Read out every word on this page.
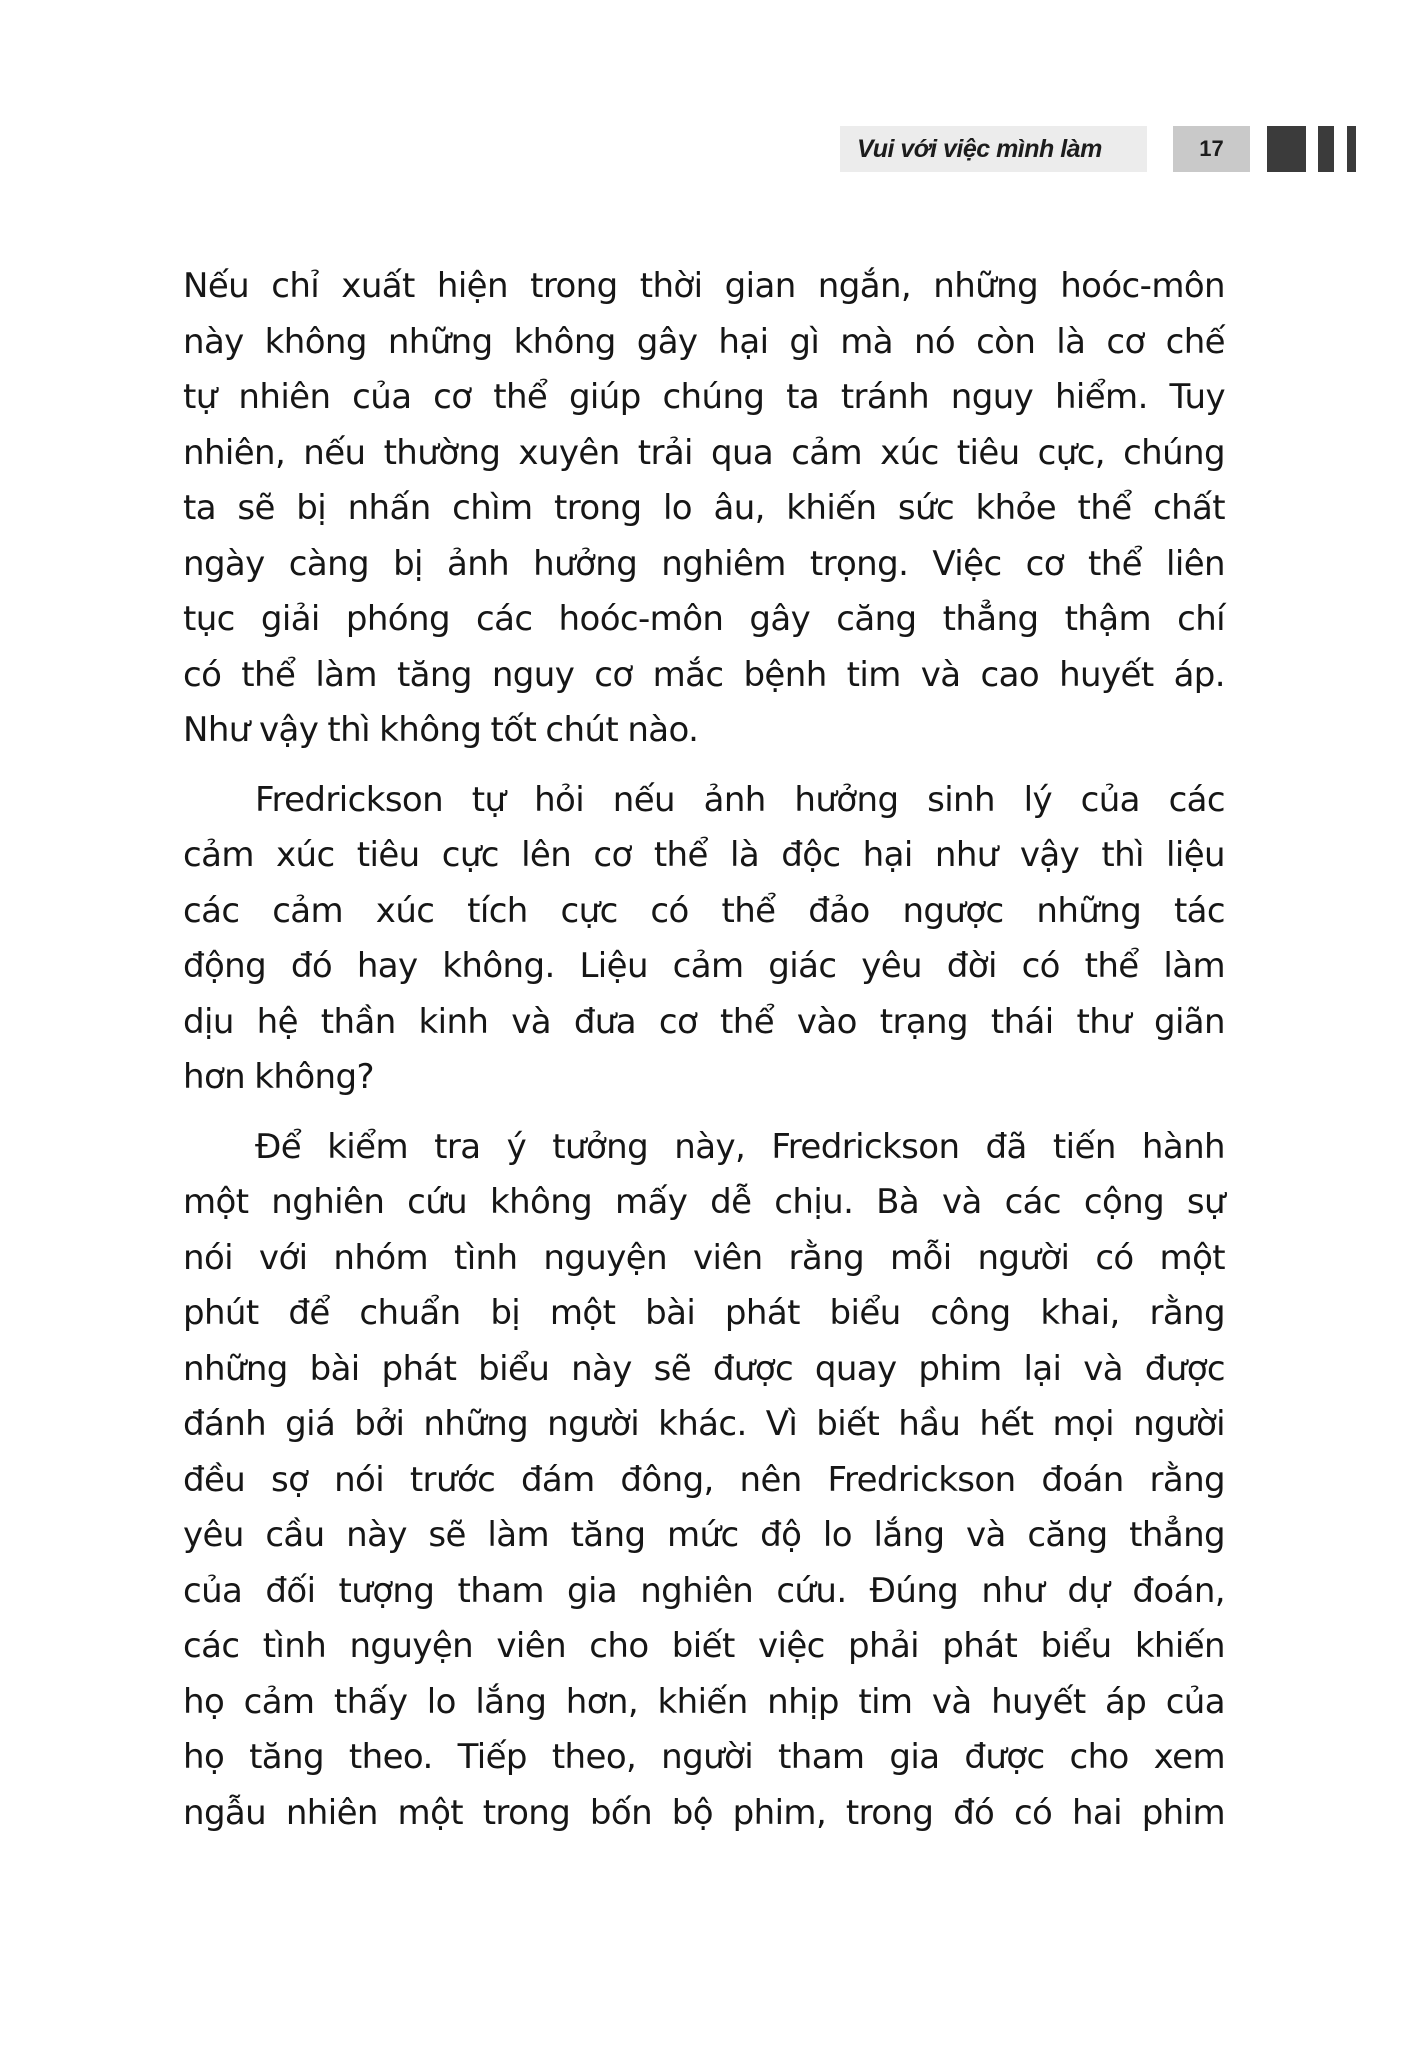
Vui với việc mình làm	17
Nếu chỉ xuất hiện trong thời gian ngắn, những hoóc-môn
này không những không gây hại gì mà nó còn là cơ chế
tự nhiên của cơ thể giúp chúng ta tránh nguy hiểm. Tuy
nhiên, nếu thường xuyên trải qua cảm xúc tiêu cực, chúng
ta sẽ bị nhấn chìm trong lo âu, khiến sức khỏe thể chất
ngày càng bị ảnh hưởng nghiêm trọng. Việc cơ thể liên
tục giải phóng các hoóc-môn gây căng thẳng thậm chí
có thể làm tăng nguy cơ mắc bệnh tim và cao huyết áp.
Như vậy thì không tốt chút nào.
Fredrickson tự hỏi nếu ảnh hưởng sinh lý của các
cảm xúc tiêu cực lên cơ thể là độc hại như vậy thì liệu
các cảm xúc tích cực có thể đảo ngược những tác
động đó hay không. Liệu cảm giác yêu đời có thể làm
dịu hệ thần kinh và đưa cơ thể vào trạng thái thư giãn
hơn không?
Để kiểm tra ý tưởng này, Fredrickson đã tiến hành
một nghiên cứu không mấy dễ chịu. Bà và các cộng sự
nói với nhóm tình nguyện viên rằng mỗi người có một
phút để chuẩn bị một bài phát biểu công khai, rằng
những bài phát biểu này sẽ được quay phim lại và được
đánh giá bởi những người khác. Vì biết hầu hết mọi người
đều sợ nói trước đám đông, nên Fredrickson đoán rằng
yêu cầu này sẽ làm tăng mức độ lo lắng và căng thẳng
của đối tượng tham gia nghiên cứu. Đúng như dự đoán,
các tình nguyện viên cho biết việc phải phát biểu khiến
họ cảm thấy lo lắng hơn, khiến nhịp tim và huyết áp của
họ tăng theo. Tiếp theo, người tham gia được cho xem
ngẫu nhiên một trong bốn bộ phim, trong đó có hai phim
